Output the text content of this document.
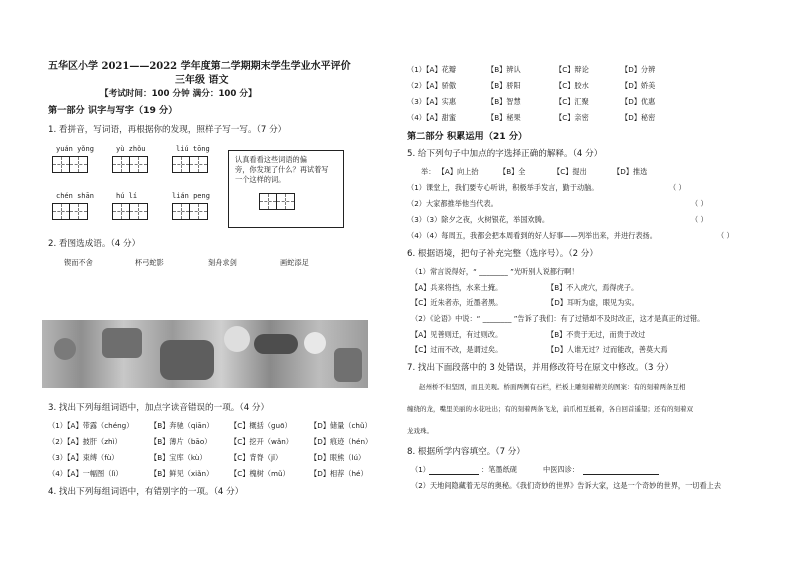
五华区小学 2021——2022 学年度第二学期期末学生学业水平评价
三年级 语文
【考试时间：100 分钟 满分：100 分】
第一部分 识字与写字（19 分）
1. 看拼音，写词语，再根据你的发现，照样子写一写。（7 分）
yuán yǒng	yù zhǒu	liú tōng
chén shān	hú lí	lián peng
认真看看这些词语的偏
旁，你发现了什么？再试着写
一个这样的词。
2. 看图选成语。（4 分）
锲而不舍	杯弓蛇影	刻舟求剑	画蛇添足
3. 找出下列每组词语中，加点字读音错误的一项。（4 分）
（1）【A】带露（chénɡ） 【B】奔驰（qiān） 【C】概括（ɡuō）	【D】储量（chǔ）
（2）【A】披肝（zhì）	【B】薄片（bāo）	【C】挖开（wǎn） 【D】痕迹（hén）
（3）【A】束缚（fù）	【B】宝库（kù）	【C】背脊（jǐ）	【D】眼熊（lú）
（4）【A】一幅图（lì）	【B】鲜见（xiǎn） 【C】槐树（mǔ）	【D】相荐（hé）
4. 找出下列每组词语中，有错别字的一项。（4 分）
（1）【A】花瓣	【B】辨认	【C】辩论	【D】分辨
（2）【A】骄傲	【B】骄阳	【C】胶水	【D】娇美
（3）【A】实惠	【B】智慧	【C】汇聚	【D】优惠
（4）【A】甜蜜	【B】秘果	【C】亲密	【D】秘密
第二部分 积累运用（21 分）
5. 给下列句子中加点的字选择正确的解释。（4 分）
举： 【A】向上抬	【B】全	【C】提出	【D】推选
（1）课堂上，我们要专心听讲，积极举手发言，勤于动脑。	（ ）
（2）大家都推举他当代表。	（ ）
（3）（3）除夕之夜，火树银花，举国欢腾。	（ ）
（4）（4）每周五，我都会把本周看到的好人好事——列举出来，并进行表扬。	（ ）
6. 根据语境，把句子补充完整（选序号）。（2 分）
（1）常言说得好，“ ________ ”光听别人说都行啊！
【A】兵来将挡，水来土掩。	【B】不入虎穴，焉得虎子。
【C】近朱者赤，近墨者黑。	【D】耳听为虚，眼见为实。
（2）《论语》中说：“ ________ ”告诉了我们：有了过错却不及时改正，这才是真正的过错。
【A】见善则迁，有过则改。	【B】不贵于无过，而贵于改过
【C】过而不改，是谓过矣。	【D】人谁无过？过而能改，善莫大焉
7. 找出下面段落中的 3 处错误，并用修改符号在原文中修改。（3 分）
赵州桥不但坚固，而且美观。桥面两侧有石栏，栏板上雕刻着精美的图案：有的刻着两条互相
缠绕的龙，嘴里美丽的水花吐出；有的刻着两条飞龙，前爪相互抵着，各自回首遥望；还有的刻着双
龙戏珠。
8. 根据所学内容填空。（7 分）
（1）	：笔墨纸砚	中医四诊：
（2）天地间隐藏着无尽的奥秘。《我们奇妙的世界》告诉大家，这是一个奇妙的世界，一切看上去
